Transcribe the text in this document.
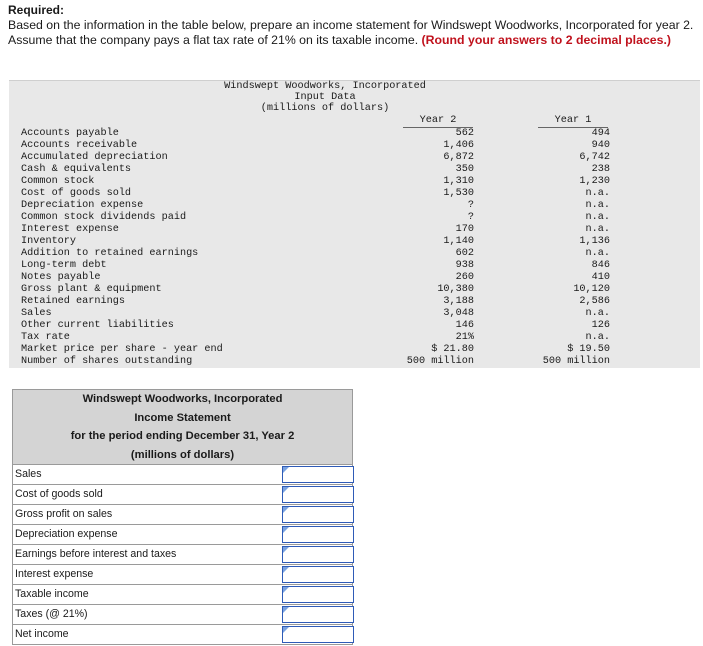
Required:
Based on the information in the table below, prepare an income statement for Windswept Woodworks, Incorporated for year 2. Assume that the company pays a flat tax rate of 21% on its taxable income. (Round your answers to 2 decimal places.)
Windswept Woodworks, Incorporated
Input Data
(millions of dollars)
Year 2	Year 1
Accounts payable	562	494
Accounts receivable	1,406	940
Accumulated depreciation	6,872	6,742
Cash & equivalents	350	238
Common stock	1,310	1,230
Cost of goods sold	1,530	n.a.
Depreciation expense	?	n.a.
Common stock dividends paid	?	n.a.
Interest expense	170	n.a.
Inventory	1,140	1,136
Addition to retained earnings	602	n.a.
Long-term debt	938	846
Notes payable	260	410
Gross plant & equipment	10,380	10,120
Retained earnings	3,188	2,586
Sales	3,048	n.a.
Other current liabilities	146	126
Tax rate	21%	n.a.
Market price per share - year end	$ 21.80	$ 19.50
Number of shares outstanding	500 million	500 million
Windswept Woodworks, Incorporated
Income Statement
for the period ending December 31, Year 2
(millions of dollars)
Sales
Cost of goods sold
Gross profit on sales
Depreciation expense
Earnings before interest and taxes
Interest expense
Taxable income
Taxes (@ 21%)
Net income
